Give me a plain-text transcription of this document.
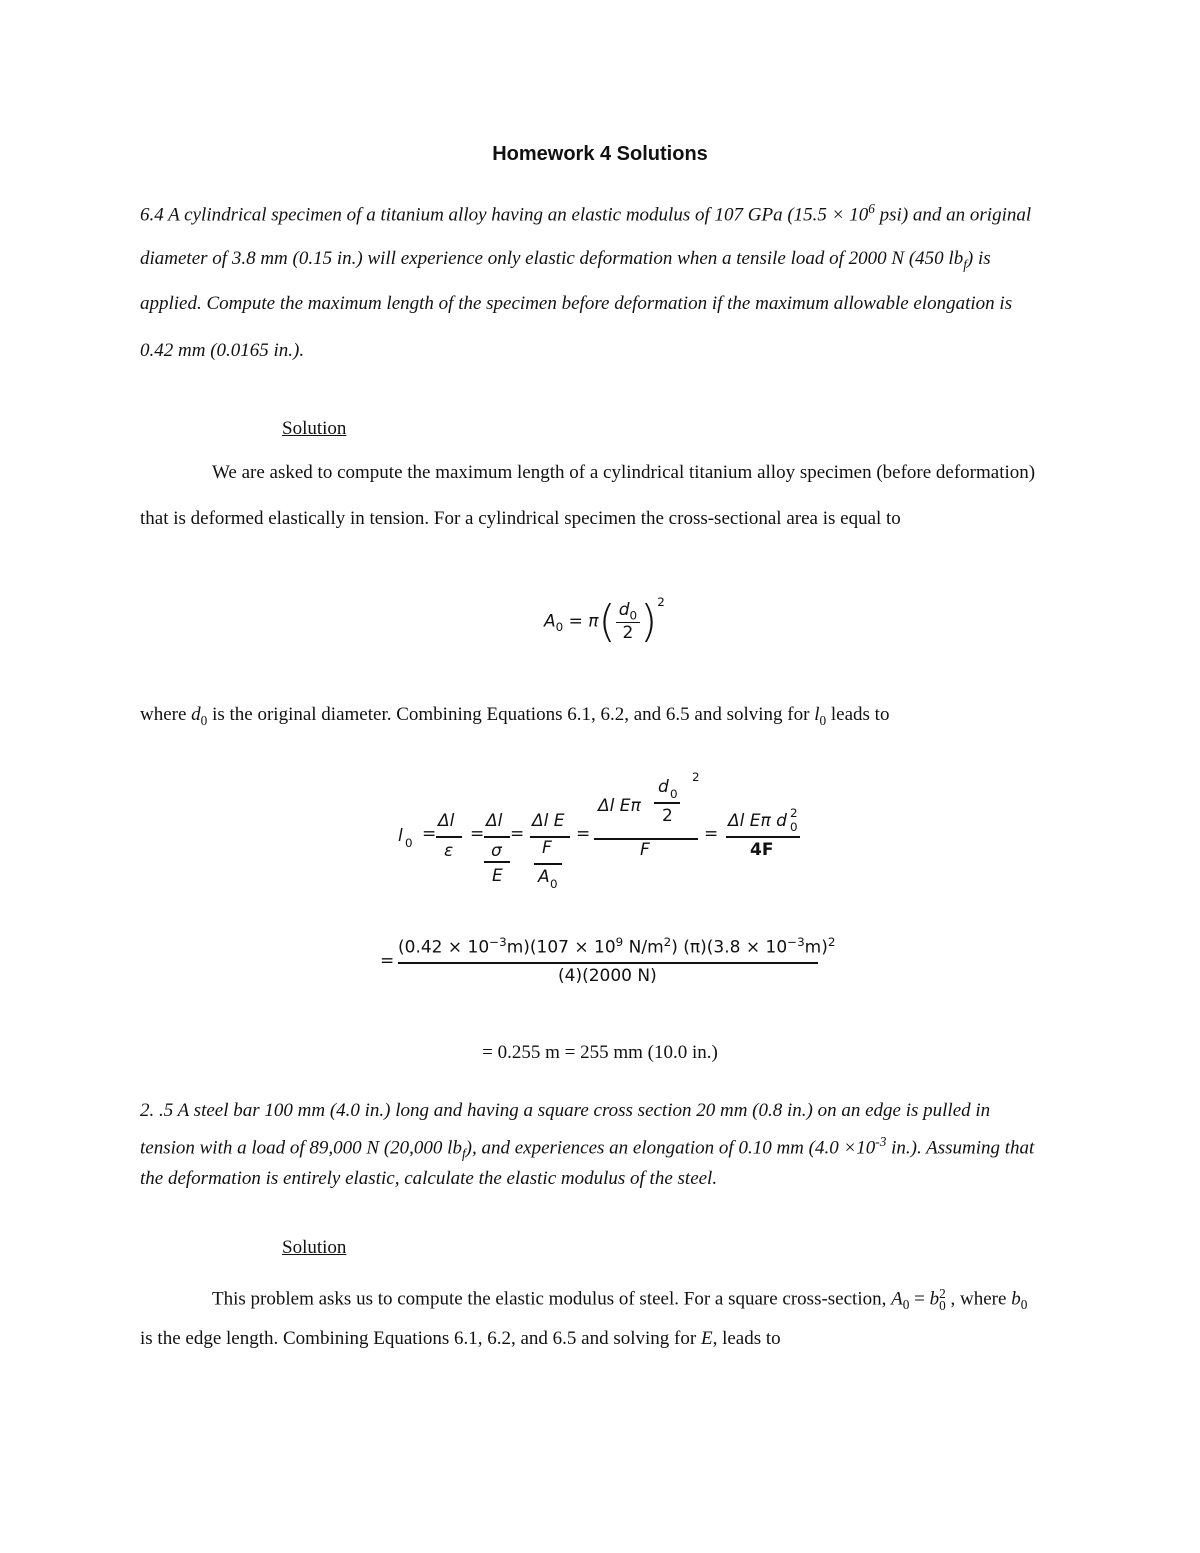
Homework 4 Solutions
6.4 A cylindrical specimen of a titanium alloy having an elastic modulus of 107 GPa ($15.5 \times 10^6$ psi) and an original
diameter of 3.8 mm (0.15 in.) will experience only elastic deformation when a tensile load of 2000 N (450 $lb_f$) is
applied. Compute the maximum length of the specimen before deformation if the maximum allowable elongation is
0.42 mm (0.0165 in.).
Solution
We are asked to compute the maximum length of a cylindrical titanium alloy specimen (before deformation)
that is deformed elastically in tension. For a cylindrical specimen the cross-sectional area is equal to
$A_0 = \pi( \frac{d_0}{2} )^2$
where $d_0$ is the original diameter. Combining Equations 6.1, 6.2, and 6.5 and solving for $l_0$ leads to
l 0 =
Δl
ε
=
Δl
σ
E
=
Δl E
F
A 0
=
Δl Eπ
d 0
2
2
F
=
Δl Eπ d 2
0
4F
=
$(0.42 \times 10^{-3}m)(107 \times 10^9$ $N/m^2$) $(\pi)(3.8 \times 10^{-3}m)^2$
(4)(2000 N)
= 0.255 m = 255 mm (10.0 in.)
2. .5 A steel bar 100 mm (4.0 in.) long and having a square cross section 20 mm (0.8 in.) on an edge is pulled in
tension with a load of 89,000 N (20,000 $lb_f$), and experiences an elongation of 0.10 mm ($4.0 \times 10^{-3}$ in.). Assuming that
the deformation is entirely elastic, calculate the elastic modulus of the steel.
Solution
This problem asks us to compute the elastic modulus of steel. For a square cross-section, $A_0 = b$ 2
0 , where $b_0$
is the edge length. Combining Equations 6.1, 6.2, and 6.5 and solving for E, leads to
